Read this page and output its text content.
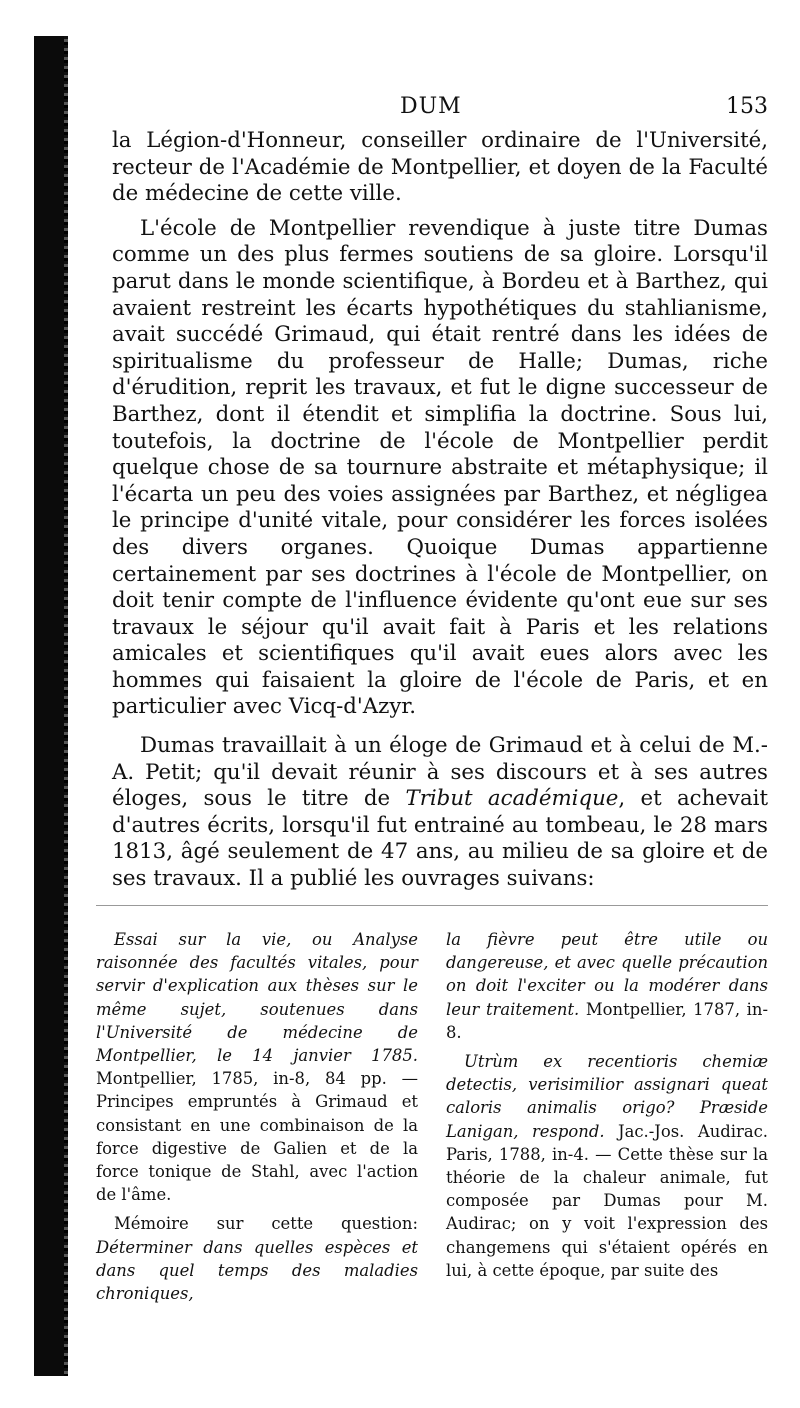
DUM	153

la Légion-d'Honneur, conseiller ordinaire de l'Université, recteur de l'Académie de Montpellier, et doyen de la Faculté de médecine de cette ville.

L'école de Montpellier revendique à juste titre Dumas comme un des plus fermes soutiens de sa gloire. Lorsqu'il parut dans le monde scientifique, à Bordeu et à Barthez, qui avaient restreint les écarts hypothétiques du stahlianisme, avait succédé Grimaud, qui était rentré dans les idées de spiritualisme du professeur de Halle; Dumas, riche d'érudition, reprit les travaux, et fut le digne successeur de Barthez, dont il étendit et simplifia la doctrine. Sous lui, toutefois, la doctrine de l'école de Montpellier perdit quelque chose de sa tournure abstraite et métaphysique; il l'écarta un peu des voies assignées par Barthez, et négligea le principe d'unité vitale, pour considérer les forces isolées des divers organes. Quoique Dumas appartienne certainement par ses doctrines à l'école de Montpellier, on doit tenir compte de l'influence évidente qu'ont eue sur ses travaux le séjour qu'il avait fait à Paris et les relations amicales et scientifiques qu'il avait eues alors avec les hommes qui faisaient la gloire de l'école de Paris, et en particulier avec Vicq-d'Azyr.

Dumas travaillait à un éloge de Grimaud et à celui de M.-A. Petit; qu'il devait réunir à ses discours et à ses autres éloges, sous le titre de Tribut académique, et achevait d'autres écrits, lorsqu'il fut entrainé au tombeau, le 28 mars 1813, âgé seulement de 47 ans, au milieu de sa gloire et de ses travaux. Il a publié les ouvrages suivans:

Essai sur la vie, ou Analyse raisonnée des facultés vitales, pour servir d'explication aux thèses sur le même sujet, soutenues dans l'Université de médecine de Montpellier, le 14 janvier 1785. Montpellier, 1785, in-8, 84 pp. — Principes empruntés à Grimaud et consistant en une combinaison de la force digestive de Galien et de la force tonique de Stahl, avec l'action de l'âme.

Mémoire sur cette question: Déterminer dans quelles espèces et dans quel temps des maladies chroniques,

la fièvre peut être utile ou dangereuse, et avec quelle précaution on doit l'exciter ou la modérer dans leur traitement. Montpellier, 1787, in-8.

Utrùm ex recentioris chemiæ detectis, verisimilior assignari queat caloris animalis origo? Præside Lanigan, respond. Jac.-Jos. Audirac. Paris, 1788, in-4. — Cette thèse sur la théorie de la chaleur animale, fut composée par Dumas pour M. Audirac; on y voit l'expression des changemens qui s'étaient opérés en lui, à cette époque, par suite des
